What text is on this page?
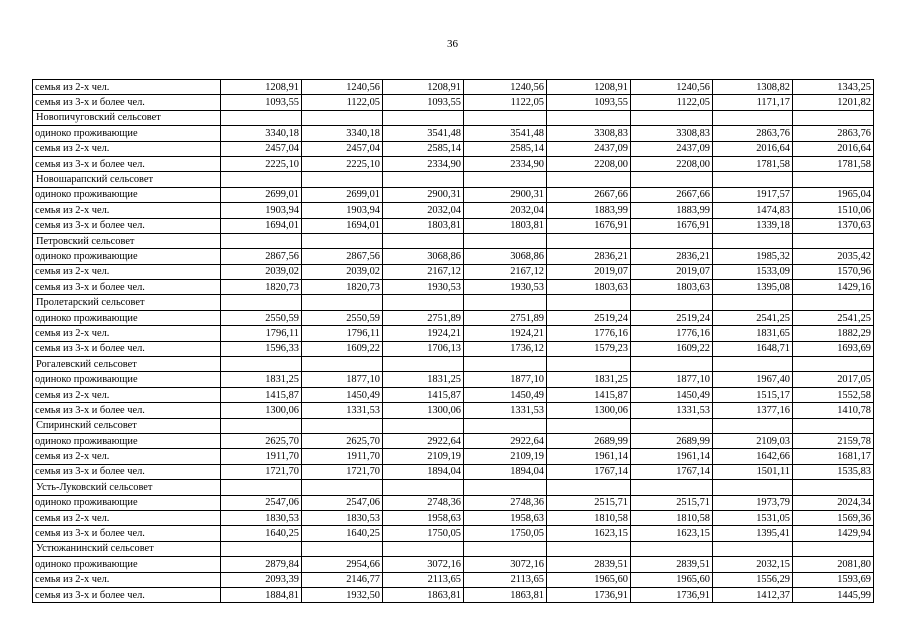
36
семья из 2-х чел.	1208,91	1240,56	1208,91	1240,56	1208,91	1240,56	1308,82	1343,25
семья из 3-х и более чел.	1093,55	1122,05	1093,55	1122,05	1093,55	1122,05	1171,17	1201,82
Новопичуговский сельсовет								
одиноко проживающие	3340,18	3340,18	3541,48	3541,48	3308,83	3308,83	2863,76	2863,76
семья из 2-х чел.	2457,04	2457,04	2585,14	2585,14	2437,09	2437,09	2016,64	2016,64
семья из 3-х и более чел.	2225,10	2225,10	2334,90	2334,90	2208,00	2208,00	1781,58	1781,58
Новошарапский сельсовет								
одиноко проживающие	2699,01	2699,01	2900,31	2900,31	2667,66	2667,66	1917,57	1965,04
семья из 2-х чел.	1903,94	1903,94	2032,04	2032,04	1883,99	1883,99	1474,83	1510,06
семья из 3-х и более чел.	1694,01	1694,01	1803,81	1803,81	1676,91	1676,91	1339,18	1370,63
Петровский сельсовет								
одиноко проживающие	2867,56	2867,56	3068,86	3068,86	2836,21	2836,21	1985,32	2035,42
семья из 2-х чел.	2039,02	2039,02	2167,12	2167,12	2019,07	2019,07	1533,09	1570,96
семья из 3-х и более чел.	1820,73	1820,73	1930,53	1930,53	1803,63	1803,63	1395,08	1429,16
Пролетарский сельсовет								
одиноко проживающие	2550,59	2550,59	2751,89	2751,89	2519,24	2519,24	2541,25	2541,25
семья из 2-х чел.	1796,11	1796,11	1924,21	1924,21	1776,16	1776,16	1831,65	1882,29
семья из 3-х и более чел.	1596,33	1609,22	1706,13	1736,12	1579,23	1609,22	1648,71	1693,69
Рогалевский сельсовет								
одиноко проживающие	1831,25	1877,10	1831,25	1877,10	1831,25	1877,10	1967,40	2017,05
семья из 2-х чел.	1415,87	1450,49	1415,87	1450,49	1415,87	1450,49	1515,17	1552,58
семья из 3-х и более чел.	1300,06	1331,53	1300,06	1331,53	1300,06	1331,53	1377,16	1410,78
Спиринский сельсовет								
одиноко проживающие	2625,70	2625,70	2922,64	2922,64	2689,99	2689,99	2109,03	2159,78
семья из 2-х чел.	1911,70	1911,70	2109,19	2109,19	1961,14	1961,14	1642,66	1681,17
семья из 3-х и более чел.	1721,70	1721,70	1894,04	1894,04	1767,14	1767,14	1501,11	1535,83
Усть-Луковский сельсовет								
одиноко проживающие	2547,06	2547,06	2748,36	2748,36	2515,71	2515,71	1973,79	2024,34
семья из 2-х чел.	1830,53	1830,53	1958,63	1958,63	1810,58	1810,58	1531,05	1569,36
семья из 3-х и более чел.	1640,25	1640,25	1750,05	1750,05	1623,15	1623,15	1395,41	1429,94
Устюжанинский сельсовет								
одиноко проживающие	2879,84	2954,66	3072,16	3072,16	2839,51	2839,51	2032,15	2081,80
семья из 2-х чел.	2093,39	2146,77	2113,65	2113,65	1965,60	1965,60	1556,29	1593,69
семья из 3-х и более чел.	1884,81	1932,50	1863,81	1863,81	1736,91	1736,91	1412,37	1445,99
